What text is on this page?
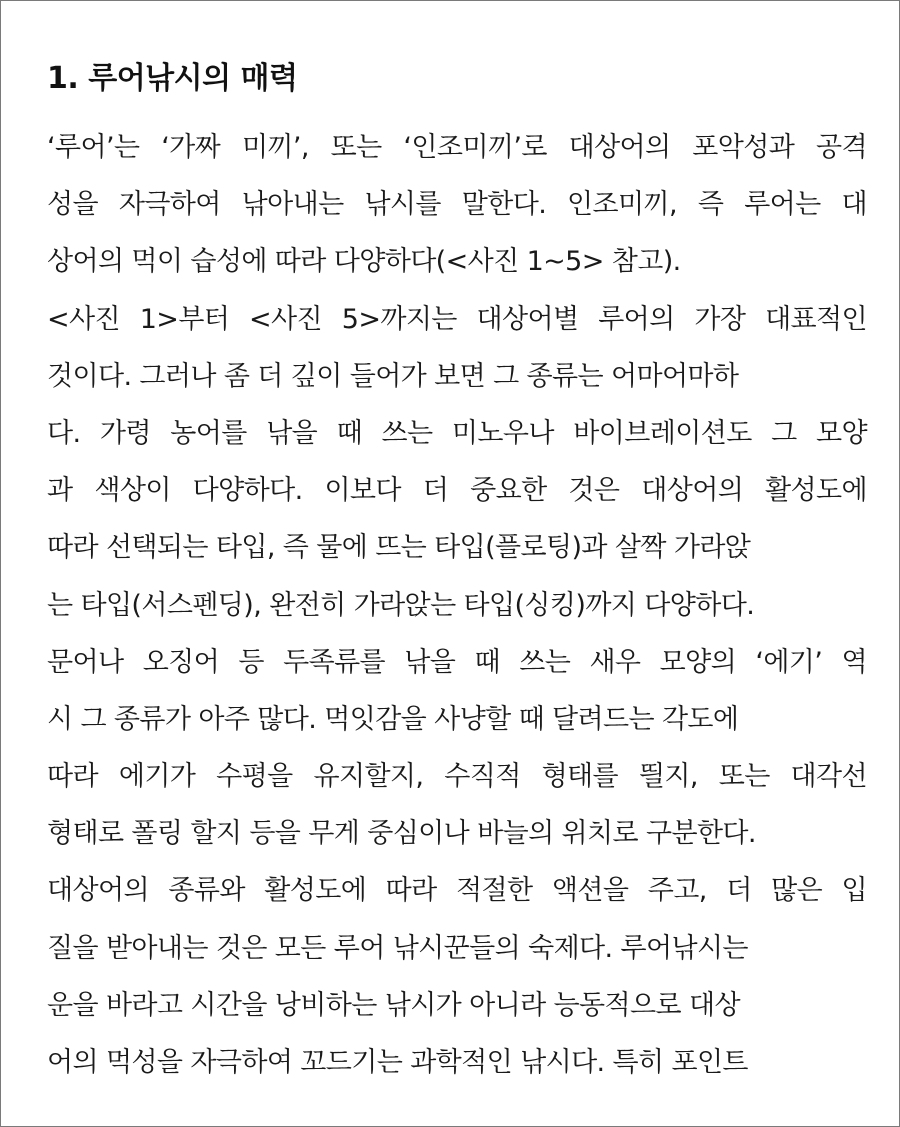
1. 루어낚시의 매력
‘루어’는 ‘가짜 미끼’, 또는 ‘인조미끼’로 대상어의 포악성과 공격
성을 자극하여 낚아내는 낚시를 말한다. 인조미끼, 즉 루어는 대
상어의 먹이 습성에 따라 다양하다(<사진 1~5> 참고).
<사진 1>부터 <사진 5>까지는 대상어별 루어의 가장 대표적인
것이다. 그러나 좀 더 깊이 들어가 보면 그 종류는 어마어마하
다. 가령 농어를 낚을 때 쓰는 미노우나 바이브레이션도 그 모양
과 색상이 다양하다. 이보다 더 중요한 것은 대상어의 활성도에
따라 선택되는 타입, 즉 물에 뜨는 타입(플로팅)과 살짝 가라앉
는 타입(서스펜딩), 완전히 가라앉는 타입(싱킹)까지 다양하다.
문어나 오징어 등 두족류를 낚을 때 쓰는 새우 모양의 ‘에기’ 역
시 그 종류가 아주 많다. 먹잇감을 사냥할 때 달려드는 각도에
따라 에기가 수평을 유지할지, 수직적 형태를 띌지, 또는 대각선
형태로 폴링 할지 등을 무게 중심이나 바늘의 위치로 구분한다.
대상어의 종류와 활성도에 따라 적절한 액션을 주고, 더 많은 입
질을 받아내는 것은 모든 루어 낚시꾼들의 숙제다. 루어낚시는
운을 바라고 시간을 낭비하는 낚시가 아니라 능동적으로 대상
어의 먹성을 자극하여 꼬드기는 과학적인 낚시다. 특히 포인트
